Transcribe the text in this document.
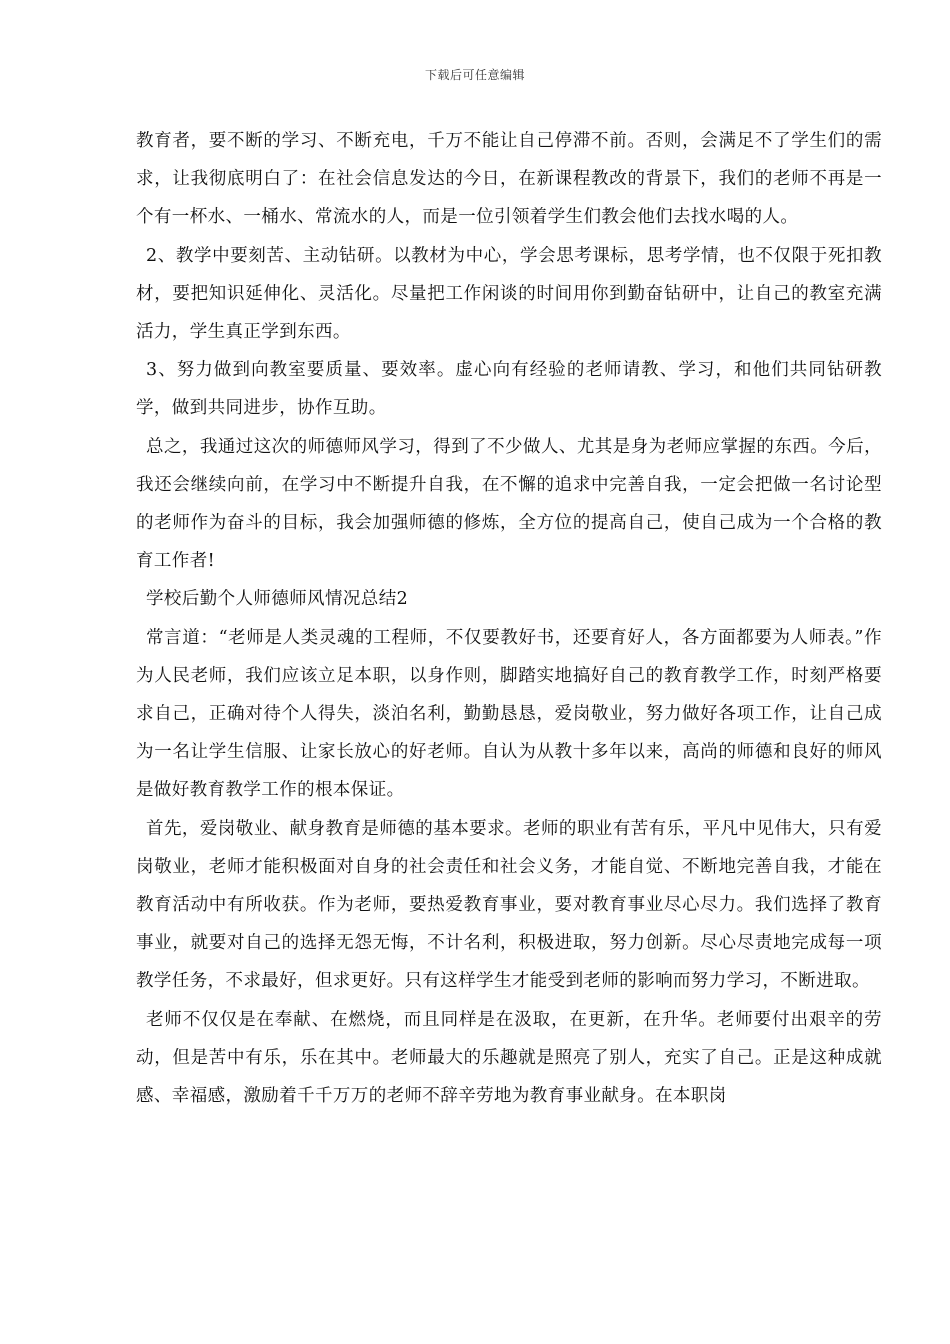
下载后可任意编辑

教育者，要不断的学习、不断充电，千万不能让自己停滞不前。否则，会满足不了学生们的需求，让我彻底明白了：在社会信息发达的今日，在新课程教改的背景下，我们的老师不再是一个有一杯水、一桶水、常流水的人，而是一位引领着学生们教会他们去找水喝的人。

2、教学中要刻苦、主动钻研。以教材为中心，学会思考课标，思考学情，也不仅限于死扣教材，要把知识延伸化、灵活化。尽量把工作闲谈的时间用你到勤奋钻研中，让自己的教室充满活力，学生真正学到东西。

3、努力做到向教室要质量、要效率。虚心向有经验的老师请教、学习，和他们共同钻研教学，做到共同进步，协作互助。

总之，我通过这次的师德师风学习，得到了不少做人、尤其是身为老师应掌握的东西。今后，我还会继续向前，在学习中不断提升自我，在不懈的追求中完善自我，一定会把做一名讨论型的老师作为奋斗的目标，我会加强师德的修炼，全方位的提高自己，使自己成为一个合格的教育工作者!

学校后勤个人师德师风情况总结2

常言道：“老师是人类灵魂的工程师，不仅要教好书，还要育好人，各方面都要为人师表。”作为人民老师，我们应该立足本职，以身作则，脚踏实地搞好自己的教育教学工作，时刻严格要求自己，正确对待个人得失，淡泊名利，勤勤恳恳，爱岗敬业，努力做好各项工作，让自己成为一名让学生信服、让家长放心的好老师。自认为从教十多年以来，高尚的师德和良好的师风是做好教育教学工作的根本保证。

首先，爱岗敬业、献身教育是师德的基本要求。老师的职业有苦有乐，平凡中见伟大，只有爱岗敬业，老师才能积极面对自身的社会责任和社会义务，才能自觉、不断地完善自我，才能在教育活动中有所收获。作为老师，要热爱教育事业，要对教育事业尽心尽力。我们选择了教育事业，就要对自己的选择无怨无悔，不计名利，积极进取，努力创新。尽心尽责地完成每一项教学任务，不求最好，但求更好。只有这样学生才能受到老师的影响而努力学习，不断进取。

老师不仅仅是在奉献、在燃烧，而且同样是在汲取，在更新，在升华。老师要付出艰辛的劳动，但是苦中有乐，乐在其中。老师最大的乐趣就是照亮了别人，充实了自己。正是这种成就感、幸福感，激励着千千万万的老师不辞辛劳地为教育事业献身。在本职岗
